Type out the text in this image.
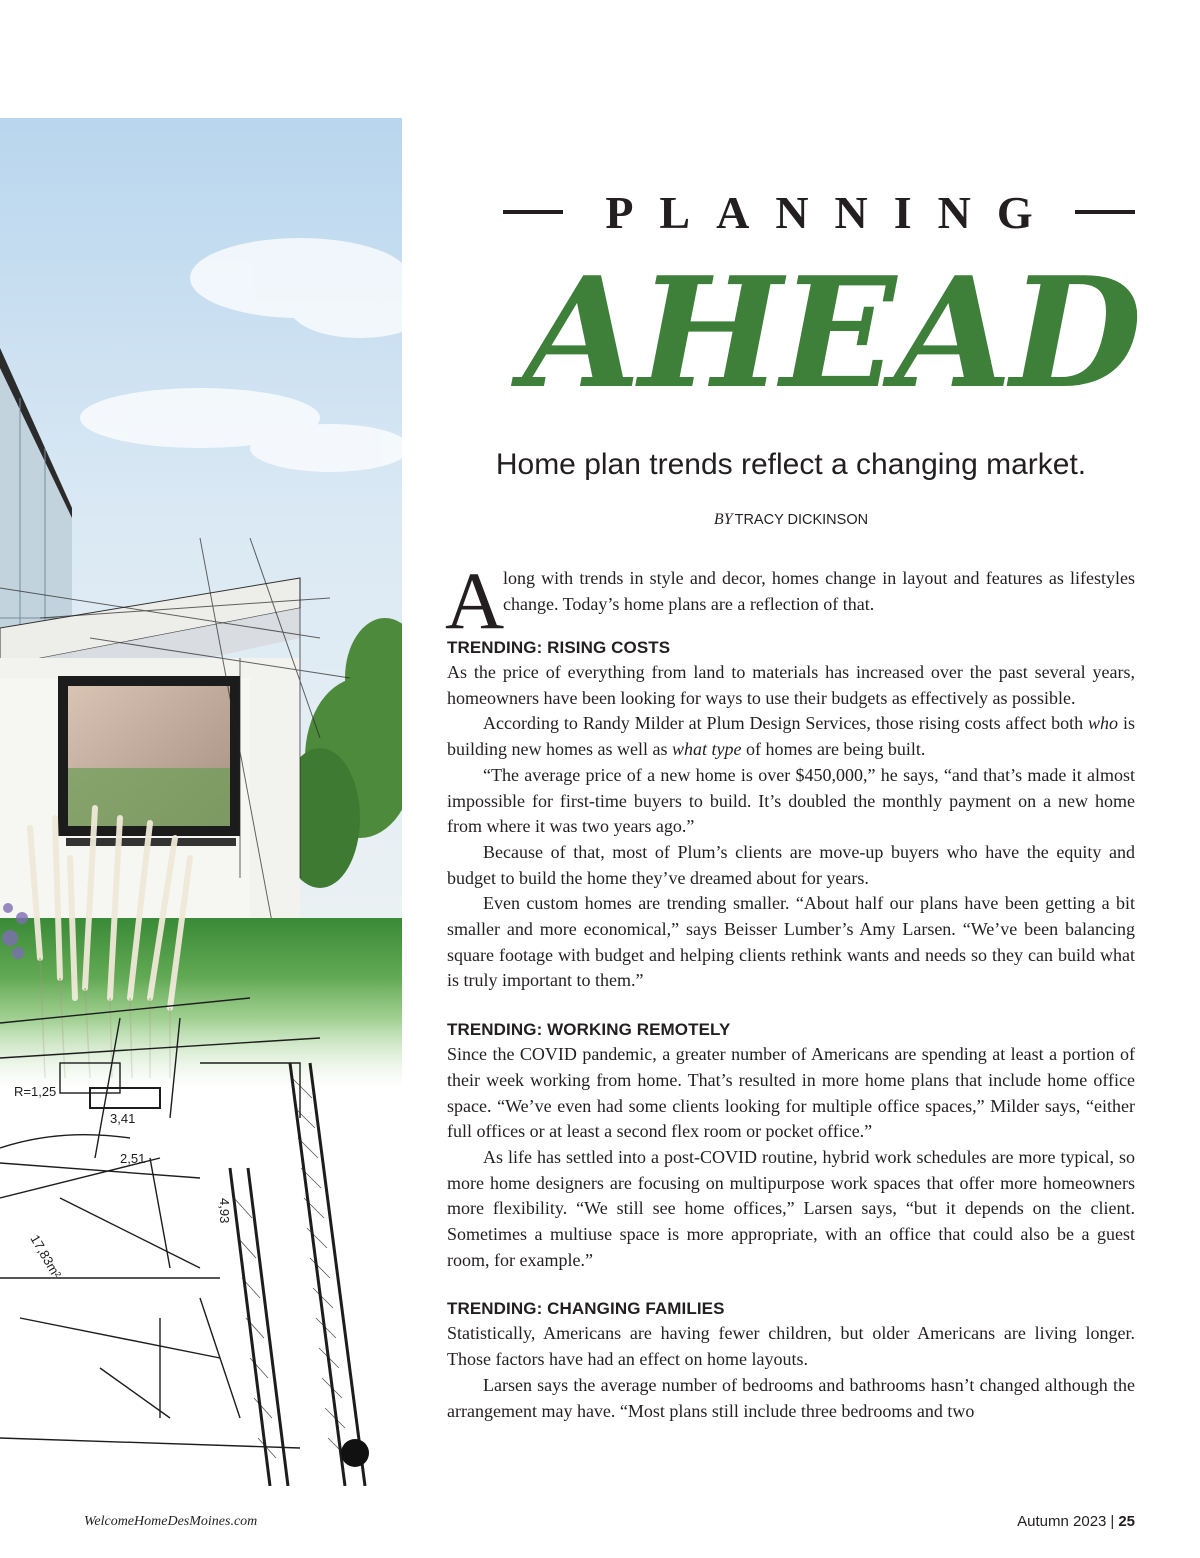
2,51
4,93
17,83m²
R=1,25
3,41
PLANNING
AHEAD
Home plan trends reflect a changing market.
BY TRACY DICKINSON
A

long with trends in style and decor, homes change in layout and features as lifestyles change. Today’s home plans are a reflection of that.

TRENDING: RISING COSTS

As the price of everything from land to materials has increased over the past several years, homeowners have been looking for ways to use their budgets as effectively as possible.

According to Randy Milder at Plum Design Services, those rising costs affect both who is building new homes as well as what type of homes are being built.

“The average price of a new home is over $450,000,” he says, “and that’s made it almost impossible for first-time buyers to build. It’s doubled the monthly payment on a new home from where it was two years ago.”

Because of that, most of Plum’s clients are move-up buyers who have the equity and budget to build the home they’ve dreamed about for years.

Even custom homes are trending smaller. “About half our plans have been getting a bit smaller and more economical,” says Beisser Lumber’s Amy Larsen. “We’ve been balancing square footage with budget and helping clients rethink wants and needs so they can build what is truly important to them.”

TRENDING: WORKING REMOTELY

Since the COVID pandemic, a greater number of Americans are spending at least a portion of their week working from home. That’s resulted in more home plans that include home office space. “We’ve even had some clients looking for multiple office spaces,” Milder says, “either full offices or at least a second flex room or pocket office.”

As life has settled into a post-COVID routine, hybrid work schedules are more typical, so more home designers are focusing on multipurpose work spaces that offer more homeowners more flexibility. “We still see home offices,” Larsen says, “but it depends on the client. Sometimes a multiuse space is more appropriate, with an office that could also be a guest room, for example.”

TRENDING: CHANGING FAMILIES

Statistically, Americans are having fewer children, but older Americans are living longer. Those factors have had an effect on home layouts.

Larsen says the average number of bedrooms and bathrooms hasn’t changed although the arrangement may have. “Most plans still include three bedrooms and two

WelcomeHomeDesMoines.com	Autumn 2023 | 25
